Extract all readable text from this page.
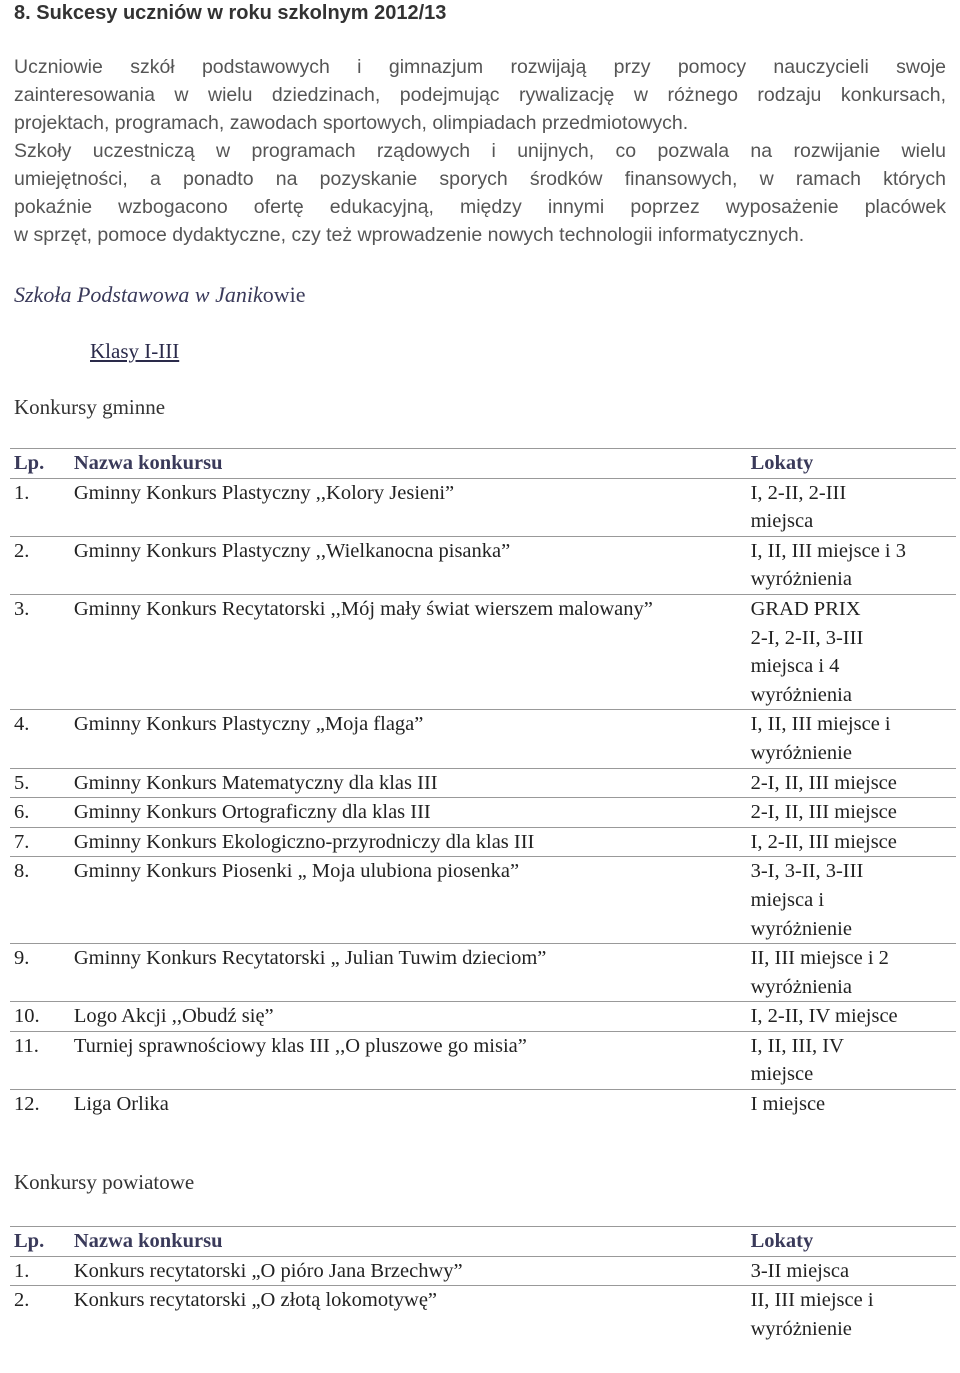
8. Sukcesy uczniów w roku szkolnym 2012/13

Uczniowie szkół podstawowych i gimnazjum rozwijają przy pomocy nauczycieli swoje

zainteresowania w wielu dziedzinach, podejmując rywalizację w różnego rodzaju konkursach,

projektach, programach, zawodach sportowych, olimpiadach przedmiotowych.

Szkoły uczestniczą w programach rządowych i unijnych, co pozwala na rozwijanie wielu

umiejętności, a ponadto na pozyskanie sporych środków finansowych, w ramach których

pokaźnie wzbogacono ofertę edukacyjną, między innymi poprzez wyposażenie placówek

w sprzęt, pomoce dydaktyczne, czy też wprowadzenie nowych technologii informatycznych.

Szkoła Podstawowa w Janikowie
Klasy I-III
Konkursy gminne
Lp.	Nazwa konkursu	Lokaty

1.	Gminny Konkurs Plastyczny ,,Kolory Jesieni”	I, 2-II, 2-III
miejsca

2.	Gminny Konkurs Plastyczny ,,Wielkanocna pisanka”	I, II, III miejsce i 3
wyróżnienia

3.	Gminny Konkurs Recytatorski ,,Mój mały świat wierszem malowany”	GRAD PRIX
2-I, 2-II, 3-III
miejsca i 4
wyróżnienia

4.	Gminny Konkurs Plastyczny „Moja flaga”	I, II, III miejsce i
wyróżnienie

5.	Gminny Konkurs Matematyczny dla klas III	2-I, II, III miejsce

6.	Gminny Konkurs Ortograficzny dla klas III	2-I, II, III miejsce

7.	Gminny Konkurs Ekologiczno-przyrodniczy dla klas III	I, 2-II, III miejsce

8.	Gminny Konkurs Piosenki „ Moja ulubiona piosenka”	3-I, 3-II, 3-III
miejsca i
wyróżnienie

9.	Gminny Konkurs Recytatorski „ Julian Tuwim dzieciom”	II, III miejsce i 2
wyróżnienia

10.	Logo Akcji ,,Obudź się”	I, 2-II, IV miejsce

11.	Turniej sprawnościowy klas III ,,O pluszowe go misia”	I, II, III, IV
miejsce

12.	Liga Orlika	I miejsce
Konkursy powiatowe
Lp.	Nazwa konkursu	Lokaty

1.	Konkurs recytatorski „O pióro Jana Brzechwy”	3-II miejsca

2.	Konkurs recytatorski „O złotą lokomotywę”	II, III miejsce i
wyróżnienie
